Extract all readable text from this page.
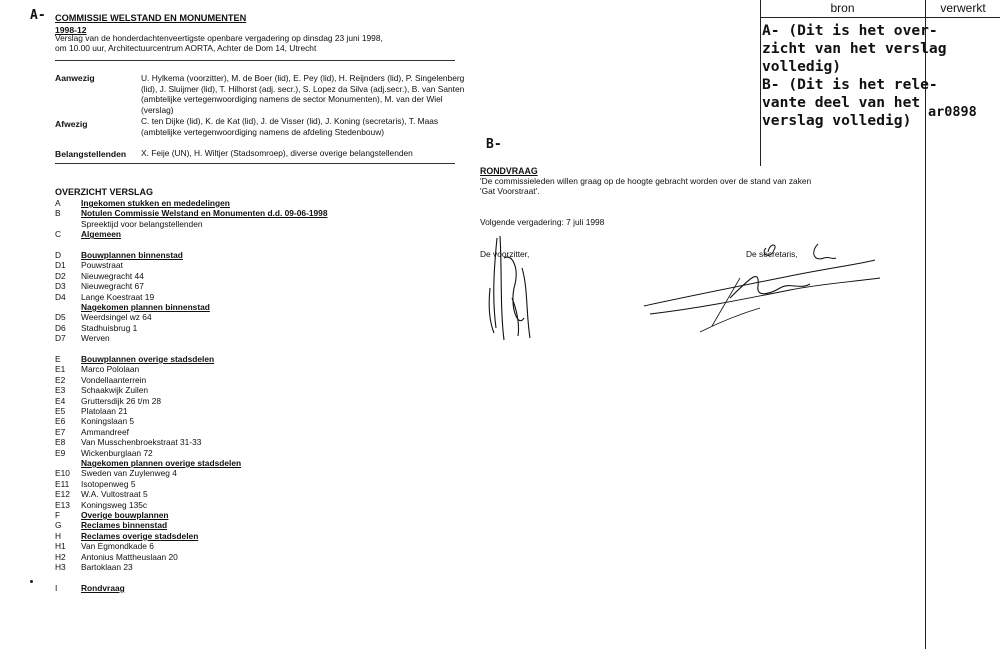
bron	verwerkt
A- (Dit is het over-
zicht van het verslag
volledig)
B- (Dit is het rele-
vante deel van het
verslag volledig)	ar0898
A-
B-
COMMISSIE WELSTAND EN MONUMENTEN
1998-12
Verslag van de honderdachtenveertigste openbare vergadering op dinsdag 23 juni 1998,
om 10.00 uur, Architectuurcentrum AORTA, Achter de Dom 14, Utrecht
Aanwezig	U. Hylkema (voorzitter), M. de Boer (lid), E. Pey (lid), H. Reijnders (lid), P. Singelenberg (lid), J. Sluijmer (lid), T. Hilhorst (adj. secr.), S. Lopez da Silva (adj.secr.), B. van Santen (ambtelijke vertegenwoordiging namens de sector Monumenten), M. van der Wiel (verslag)
Afwezig	C. ten Dijke (lid), K. de Kat (lid), J. de Visser (lid), J. Koning (secretaris), T. Maas (ambtelijke vertegenwoordiging namens de afdeling Stedenbouw)
Belangstellenden X. Feije (UN), H. Wiltjer (Stadsomroep), diverse overige belangstellenden
OVERZICHT VERSLAG
A	Ingekomen stukken en mededelingen
B	Notulen Commissie Welstand en Monumenten d.d. 09-06-1998
Spreektijd voor belangstellenden
C	Algemeen
D	Bouwplannen binnenstad
D1	Pouwstraat
D2	Nieuwegracht 44
D3	Nieuwegracht 67
D4	Lange Koestraat 19
Nagekomen plannen binnenstad
D5	Weerdsingel wz 64
D6	Stadhuisbrug 1
D7	Werven
E	Bouwplannen overige stadsdelen
E1	Marco Pololaan
E2	Vondellaanterrein
E3	Schaakwijk Zuilen
E4	Gruttersdijk 26 t/m 28
E5	Platolaan 21
E6	Koningslaan 5
E7	Ammandreef
E8	Van Musschenbroekstraat 31-33
E9	Wickenburglaan 72
Nagekomen plannen overige stadsdelen
E10	Sweden van Zuylenweg 4
E11	Isotopenweg 5
E12	W.A. Vultostraat 5
E13	Koningsweg 135c
F	Overige bouwplannen
G	Reclames binnenstad
H	Reclames overige stadsdelen
H1	Van Egmondkade 6
H2	Antonius Mattheuslaan 20
H3	Bartoklaan 23
I	Rondvraag
RONDVRAAG
'De commissieleden willen graag op de hoogte gebracht worden over de stand van zaken
'Gat Voorstraat'.
Volgende vergadering: 7 juli 1998
De voorzitter,	De secretaris,
